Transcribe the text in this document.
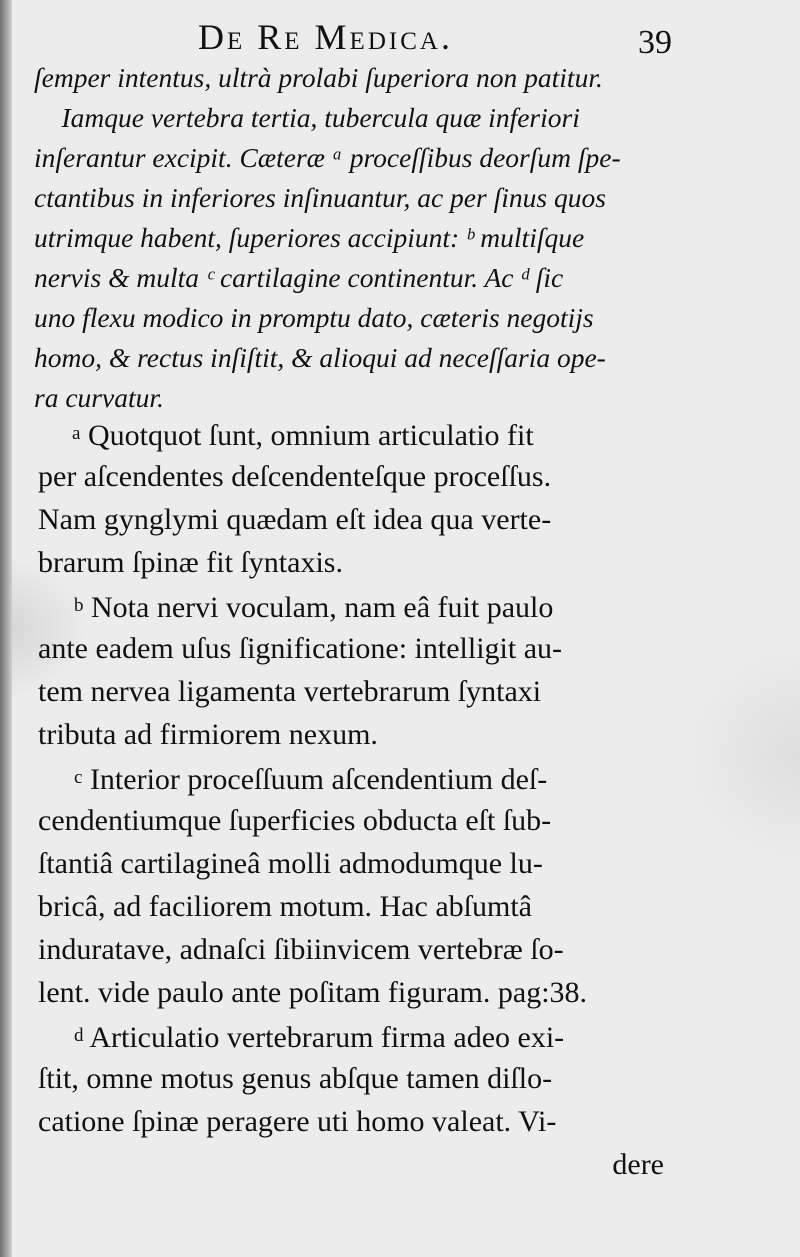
De Re Medica.	39
ſemper intentus, ultrà prolabi ſuperiora non patitur.
Iamque vertebra tertia, tubercula quæ inferiori
inſerantur excipit. Cæteræ ᵃ proceſſibus deorſum ſpe-
ctantibus in inferiores inſinuantur, ac per ſinus quos
utrimque habent, ſuperiores accipiunt: ᵇ multiſque
nervis & multa ᶜ cartilagine continentur. Ac ᵈ ſic
uno flexu modico in promptu dato, cæteris negotijs
homo, & rectus inſiſtit, & alioqui ad neceſſaria ope-
ra curvatur.
$^a$ Quotquot ſunt, omnium articulatio fit
per aſcendentes deſcendenteſque proceſſus.
Nam gynglymi quædam eſt idea qua verte-
brarum ſpinæ fit ſyntaxis.
$^b$ Nota nervi voculam, nam eâ fuit paulo
ante eadem uſus ſignificatione: intelligit au-
tem nervea ligamenta vertebrarum ſyntaxi
tributa ad firmiorem nexum.
$^c$ Interior proceſſuum aſcendentium deſ-
cendentiumque ſuperficies obducta eſt ſub-
ſtantiâ cartilagineâ molli admodumque lu-
bricâ, ad faciliorem motum. Hac abſumtâ
induratave, adnaſci ſibiinvicem vertebræ ſo-
lent. vide paulo ante poſitam figuram. pag:38.
$^d$ Articulatio vertebrarum firma adeo exi-
ſtit, omne motus genus abſque tamen diſlo-
catione ſpinæ peragere uti homo valeat. Vi-
dere
